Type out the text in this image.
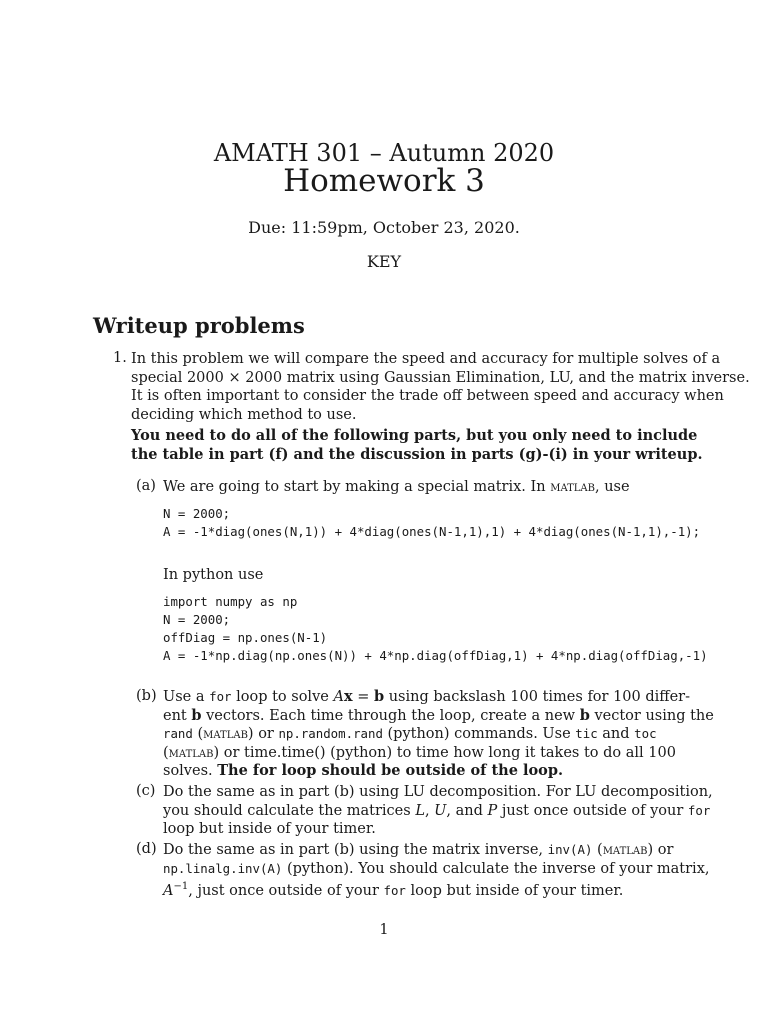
AMATH 301 – Autumn 2020
Homework 3
Due: 11:59pm, October 23, 2020.
KEY
Writeup problems
1. In this problem we will compare the speed and accuracy for multiple solves of a
special 2000 × 2000 matrix using Gaussian Elimination, LU, and the matrix inverse.
It is often important to consider the trade off between speed and accuracy when
deciding which method to use.
You need to do all of the following parts, but you only need to include
the table in part (f) and the discussion in parts (g)-(i) in your writeup.
(a) We are going to start by making a special matrix. In matlab, use
N = 2000;
A = -1*diag(ones(N,1)) + 4*diag(ones(N-1,1),1) + 4*diag(ones(N-1,1),-1);
In python use
import numpy as np
N = 2000;
offDiag = np.ones(N-1)
A = -1*np.diag(np.ones(N)) + 4*np.diag(offDiag,1) + 4*np.diag(offDiag,-1)
(b) Use a for loop to solve Ax = b using backslash 100 times for 100 differ-
ent b vectors. Each time through the loop, create a new b vector using the
rand (matlab) or np.random.rand (python) commands. Use tic and toc
(matlab) or time.time() (python) to time how long it takes to do all 100
solves. The for loop should be outside of the loop.
(c) Do the same as in part (b) using LU decomposition. For LU decomposition,
you should calculate the matrices L, U, and P just once outside of your for
loop but inside of your timer.
(d) Do the same as in part (b) using the matrix inverse, inv(A) (matlab) or
np.linalg.inv(A) (python). You should calculate the inverse of your matrix,
$A^{-1}$, just once outside of your for loop but inside of your timer.
1
